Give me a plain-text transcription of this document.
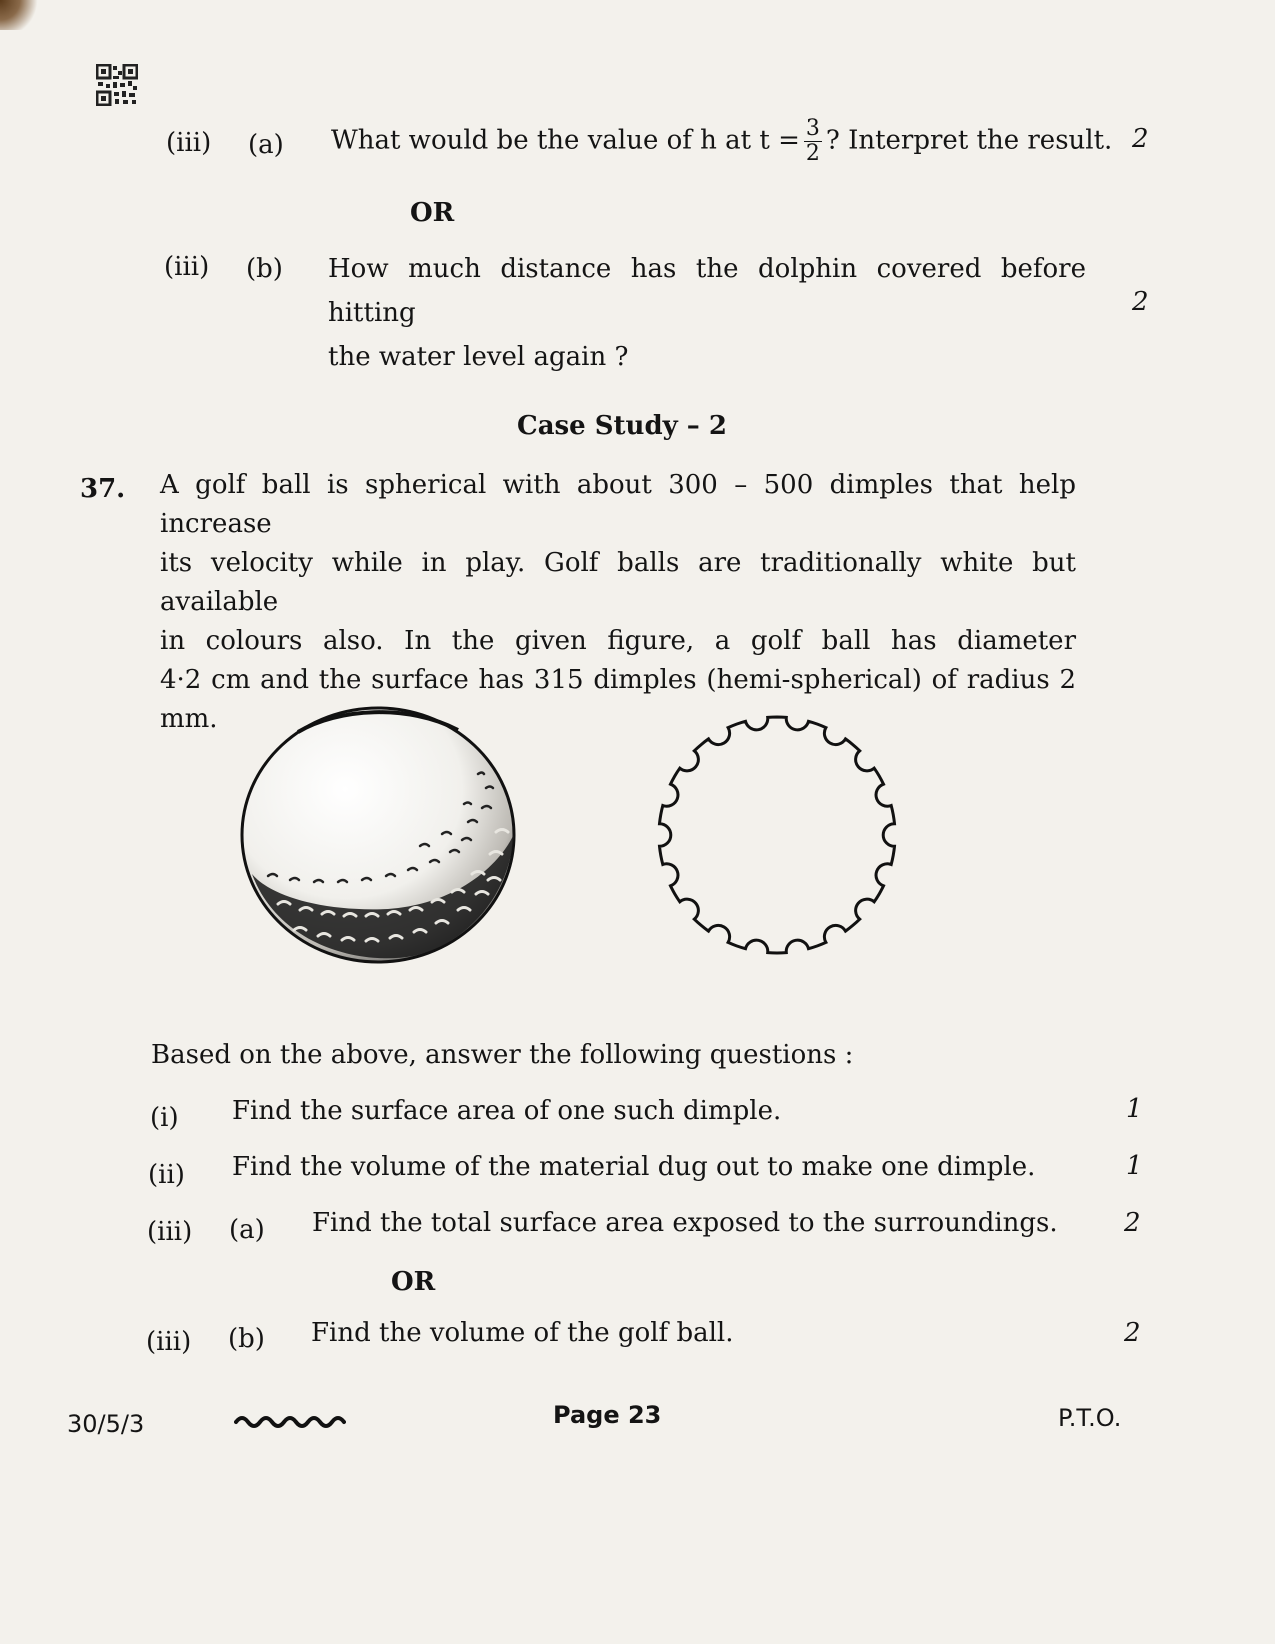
(iii) (a) What would be the value of h at $t = \frac{3}{2}$ ? Interpret the result. 2
OR
(iii) (b) How much distance has the dolphin covered before hitting
the water level again ?
2
Case Study – 2
37. A golf ball is spherical with about 300 – 500 dimples that help increase
its velocity while in play. Golf balls are traditionally white but available
in colours also. In the given figure, a golf ball has diameter
4·2 cm and the surface has 315 dimples (hemi-spherical) of radius 2 mm.
Based on the above, answer the following questions :
(i) Find the surface area of one such dimple.	1
(ii) Find the volume of the material dug out to make one dimple.	1
(iii) (a) Find the total surface area exposed to the surroundings.	2
OR
(iii) (b) Find the volume of the golf ball.	2
30/5/3	Page 23	P.T.O.
